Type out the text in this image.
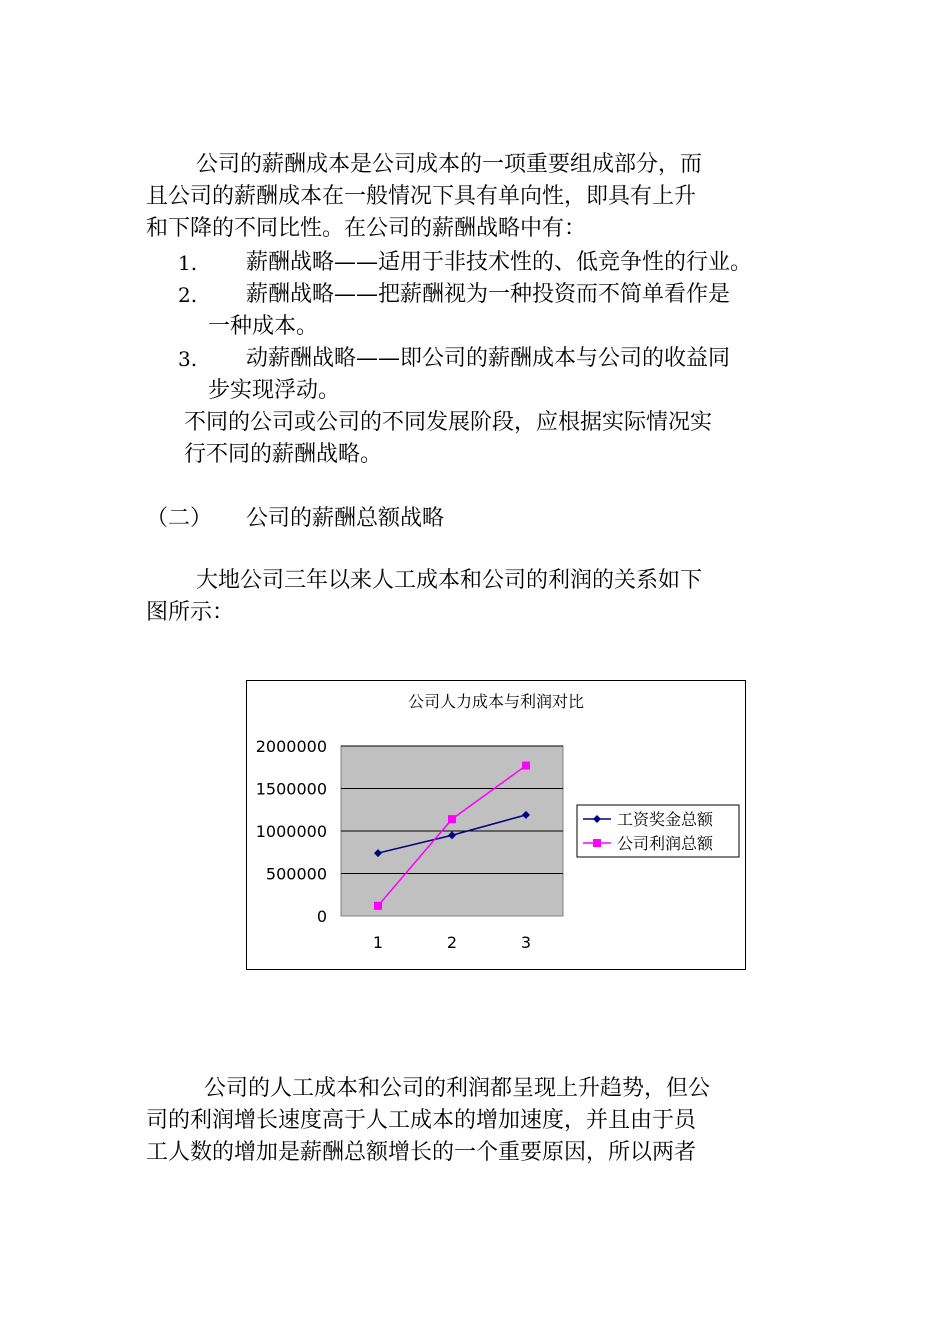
公司的薪酬成本是公司成本的一项重要组成部分，而
且公司的薪酬成本在一般情况下具有单向性，即具有上升
和下降的不同比性。在公司的薪酬战略中有：
1. 薪酬战略——适用于非技术性的、低竞争性的行业。
2. 薪酬战略——把薪酬视为一种投资而不简单看作是
一种成本。
3. 动薪酬战略——即公司的薪酬成本与公司的收益同
步实现浮动。
不同的公司或公司的不同发展阶段，应根据实际情况实
行不同的薪酬战略。
（二） 公司的薪酬总额战略
大地公司三年以来人工成本和公司的利润的关系如下
图所示：
公司人力成本与利润对比
2000000
1500000
1000000
500000
0
1	2	3
工资奖金总额
公司利润总额
公司的人工成本和公司的利润都呈现上升趋势，但公
司的利润增长速度高于人工成本的增加速度，并且由于员
工人数的增加是薪酬总额增长的一个重要原因，所以两者
